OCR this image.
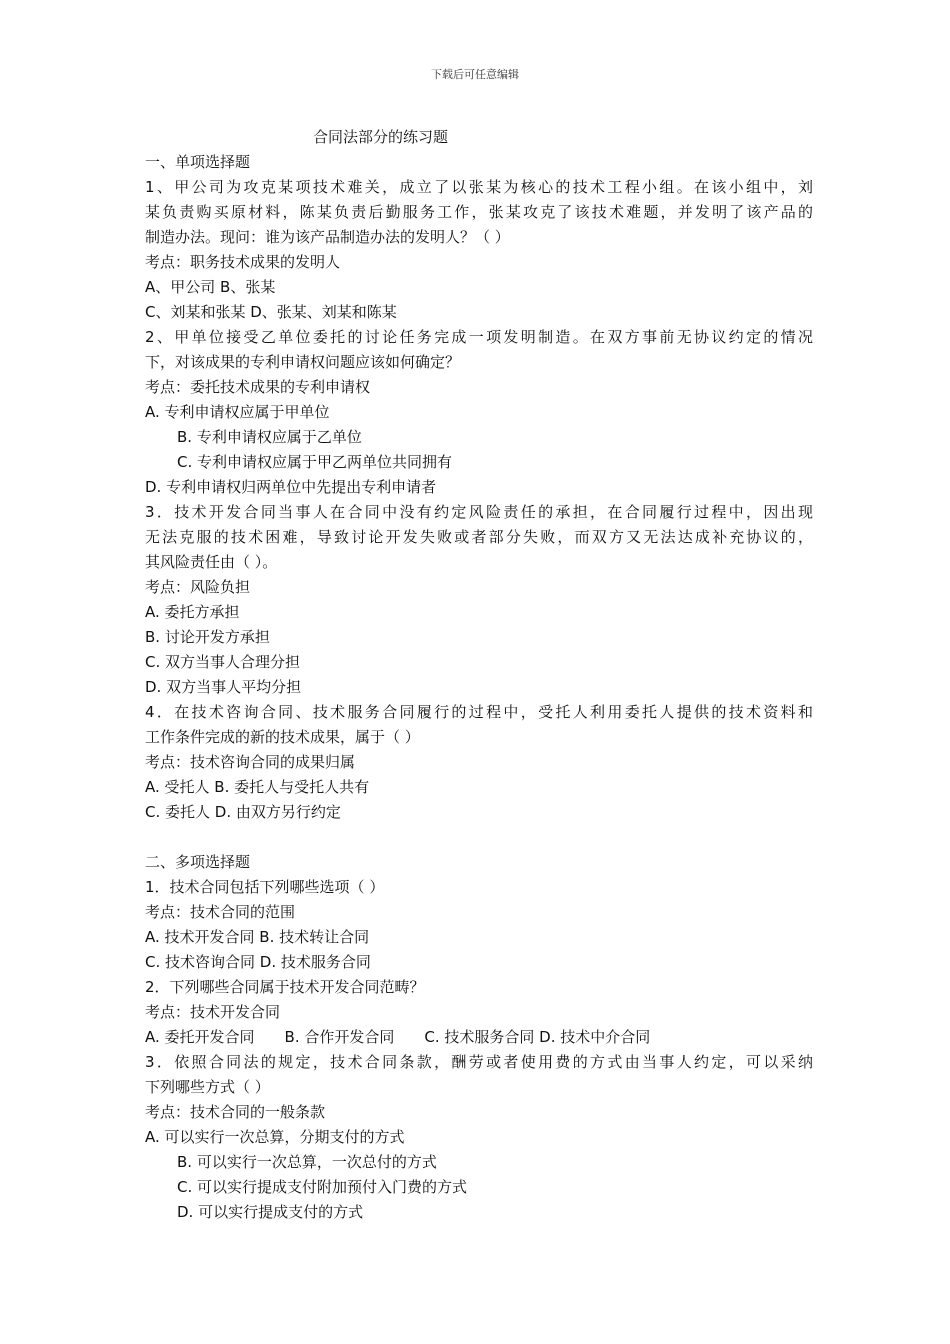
下载后可任意编辑
合同法部分的练习题
一、单项选择题
1、甲公司为攻克某项技术难关，成立了以张某为核心的技术工程小组。在该小组中，刘
某负责购买原材料，陈某负责后勤服务工作，张某攻克了该技术难题，并发明了该产品的
制造办法。现问：谁为该产品制造办法的发明人？（ ）
考点：职务技术成果的发明人
A、甲公司 B、张某
C、刘某和张某 D、张某、刘某和陈某
2、甲单位接受乙单位委托的讨论任务完成一项发明制造。在双方事前无协议约定的情况
下，对该成果的专利申请权问题应该如何确定？
考点：委托技术成果的专利申请权
A. 专利申请权应属于甲单位
B. 专利申请权应属于乙单位
C. 专利申请权应属于甲乙两单位共同拥有
D. 专利申请权归两单位中先提出专利申请者
3．技术开发合同当事人在合同中没有约定风险责任的承担，在合同履行过程中，因出现
无法克服的技术困难，导致讨论开发失败或者部分失败，而双方又无法达成补充协议的，
其风险责任由（ ）。
考点：风险负担
A. 委托方承担
B. 讨论开发方承担
C. 双方当事人合理分担
D. 双方当事人平均分担
4．在技术咨询合同、技术服务合同履行的过程中，受托人利用委托人提供的技术资料和
工作条件完成的新的技术成果，属于（ ）
考点：技术咨询合同的成果归属
A. 受托人 B. 委托人与受托人共有
C. 委托人 D. 由双方另行约定
二、多项选择题
1．技术合同包括下列哪些选项（ ）
考点：技术合同的范围
A. 技术开发合同 B. 技术转让合同
C. 技术咨询合同 D. 技术服务合同
2．下列哪些合同属于技术开发合同范畴？
考点：技术开发合同
A. 委托开发合同　　B. 合作开发合同　　C. 技术服务合同 D. 技术中介合同
3．依照合同法的规定，技术合同条款，酬劳或者使用费的方式由当事人约定，可以采纳
下列哪些方式（ ）
考点：技术合同的一般条款
A. 可以实行一次总算，分期支付的方式
B. 可以实行一次总算，一次总付的方式
C. 可以实行提成支付附加预付入门费的方式
D. 可以实行提成支付的方式
